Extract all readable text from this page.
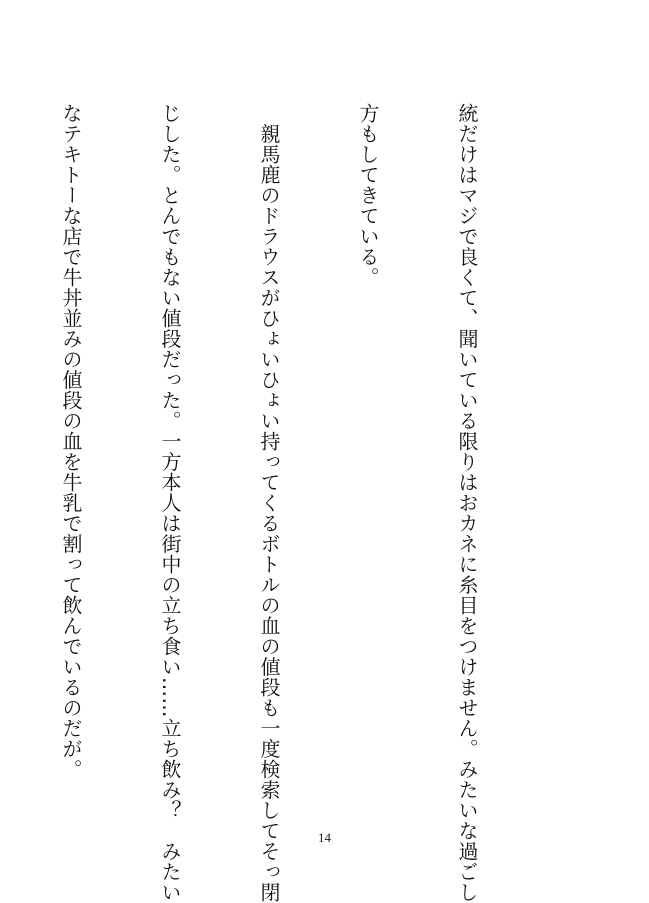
統だけはマジで良くて、聞いている限りはおカネに糸目をつけません。みたいな過ごし

方もしてきている。

　親馬鹿のドラウスがひょいひょい持ってくるボトルの血の値段も一度検索してそっ閉

じした。とんでもない値段だった。一方本人は街中の立ち食い……立ち飲み？　みたい

なテキトーな店で牛丼並みの値段の血を牛乳で割って飲んでいるのだが。

14
